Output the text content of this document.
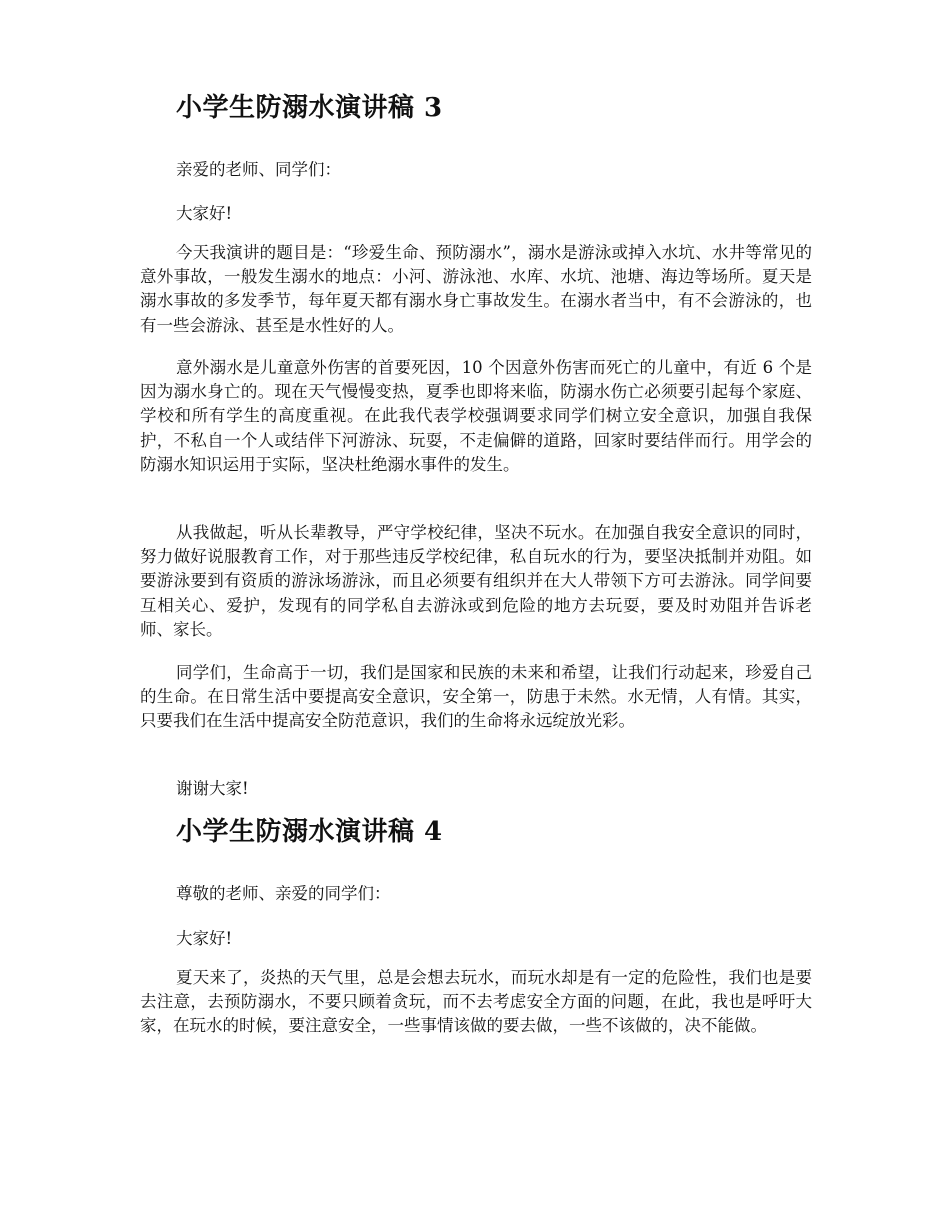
小学生防溺水演讲稿 3

亲爱的老师、同学们：

大家好!

今天我演讲的题目是：“珍爱生命、预防溺水”，溺水是游泳或掉入水坑、水井等常见的意外事故，一般发生溺水的地点：小河、游泳池、水库、水坑、池塘、海边等场所。夏天是溺水事故的多发季节，每年夏天都有溺水身亡事故发生。在溺水者当中，有不会游泳的，也有一些会游泳、甚至是水性好的人。

意外溺水是儿童意外伤害的首要死因，10 个因意外伤害而死亡的儿童中，有近 6 个是因为溺水身亡的。现在天气慢慢变热，夏季也即将来临，防溺水伤亡必须要引起每个家庭、学校和所有学生的高度重视。在此我代表学校强调要求同学们树立安全意识，加强自我保护，不私自一个人或结伴下河游泳、玩耍，不走偏僻的道路，回家时要结伴而行。用学会的防溺水知识运用于实际，坚决杜绝溺水事件的发生。

从我做起，听从长辈教导，严守学校纪律，坚决不玩水。在加强自我安全意识的同时，努力做好说服教育工作，对于那些违反学校纪律，私自玩水的行为，要坚决抵制并劝阻。如要游泳要到有资质的游泳场游泳，而且必须要有组织并在大人带领下方可去游泳。同学间要互相关心、爱护，发现有的同学私自去游泳或到危险的地方去玩耍，要及时劝阻并告诉老师、家长。

同学们，生命高于一切，我们是国家和民族的未来和希望，让我们行动起来，珍爱自己的生命。在日常生活中要提高安全意识，安全第一，防患于未然。水无情，人有情。其实，只要我们在生活中提高安全防范意识，我们的生命将永远绽放光彩。

谢谢大家!

小学生防溺水演讲稿 4

尊敬的老师、亲爱的同学们：

大家好!

夏天来了，炎热的天气里，总是会想去玩水，而玩水却是有一定的危险性，我们也是要去注意，去预防溺水，不要只顾着贪玩，而不去考虑安全方面的问题，在此，我也是呼吁大家，在玩水的时候，要注意安全，一些事情该做的要去做，一些不该做的，决不能做。
